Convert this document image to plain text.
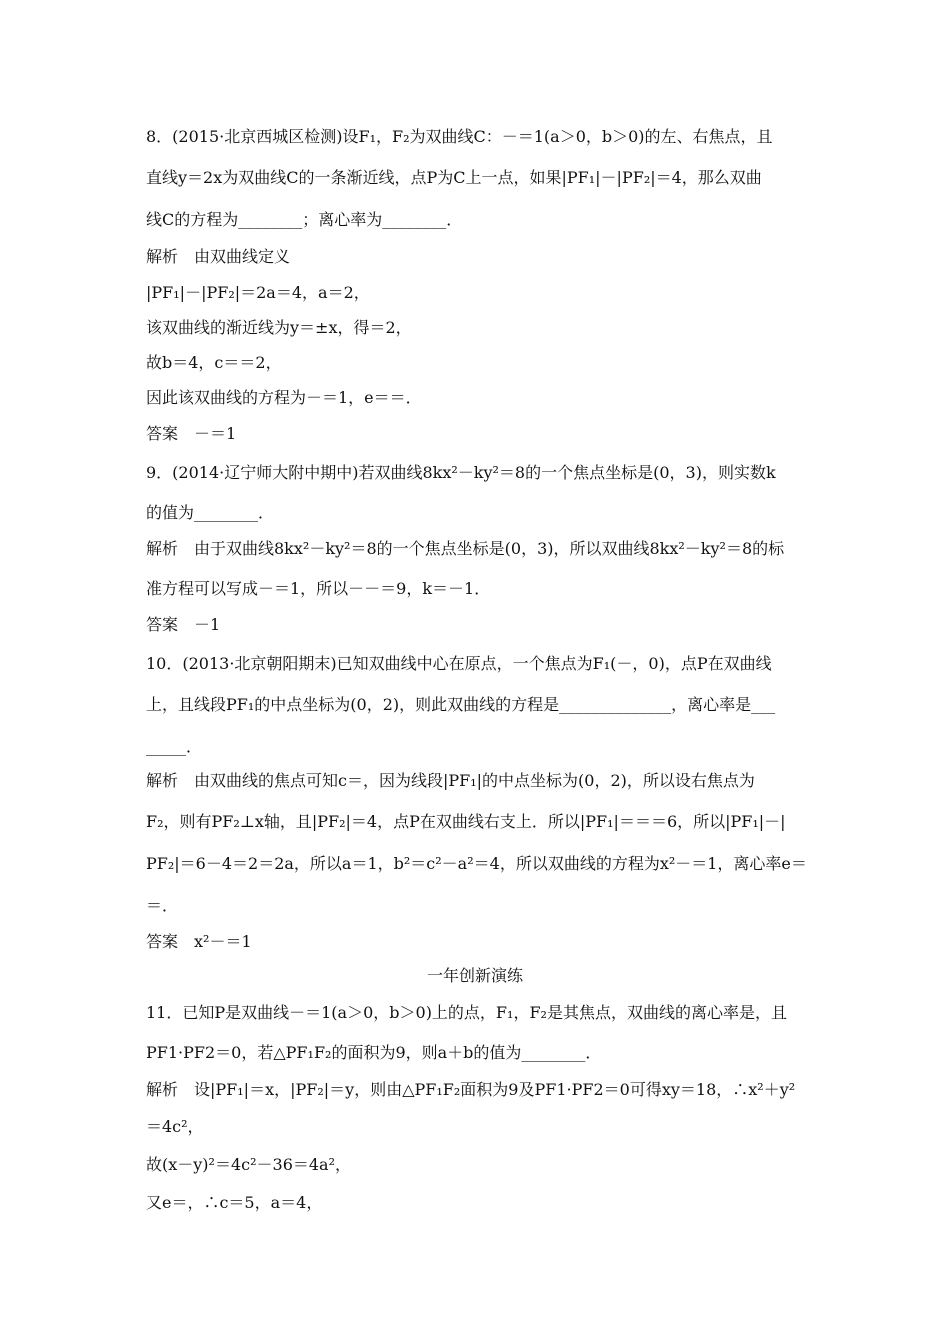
8．(2015·北京西城区检测)设F₁，F₂为双曲线C：－＝1(a＞0，b＞0)的左、右焦点，且
直线y＝2x为双曲线C的一条渐近线，点P为C上一点，如果|PF₁|－|PF₂|＝4，那么双曲
线C的方程为________；离心率为________．
解析　由双曲线定义
|PF₁|－|PF₂|＝2a＝4，a＝2，
该双曲线的渐近线为y＝±x，得＝2，
故b＝4，c＝＝2，
因此该双曲线的方程为－＝1，e＝＝．
答案　－＝1
9．(2014·辽宁师大附中期中)若双曲线8kx²－ky²＝8的一个焦点坐标是(0，3)，则实数k
的值为________．
解析　由于双曲线8kx²－ky²＝8的一个焦点坐标是(0，3)，所以双曲线8kx²－ky²＝8的标
准方程可以写成－＝1，所以－－＝9，k＝－1．
答案　－1
10．(2013·北京朝阳期末)已知双曲线中心在原点，一个焦点为F₁(－，0)，点P在双曲线
上，且线段PF₁的中点坐标为(0，2)，则此双曲线的方程是______________，离心率是___
_____．
解析　由双曲线的焦点可知c＝，因为线段|PF₁|的中点坐标为(0，2)，所以设右焦点为
F₂，则有PF₂⊥x轴，且|PF₂|＝4，点P在双曲线右支上．所以|PF₁|＝＝＝6，所以|PF₁|－|
PF₂|＝6－4＝2＝2a，所以a＝1，b²＝c²－a²＝4，所以双曲线的方程为x²－＝1，离心率e＝
＝．
答案　x²－＝1
一年创新演练
11．已知P是双曲线－＝1(a＞0，b＞0)上的点，F₁，F₂是其焦点，双曲线的离心率是，且
PF1·PF2＝0，若△PF₁F₂的面积为9，则a＋b的值为________．
解析　设|PF₁|＝x，|PF₂|＝y，则由△PF₁F₂面积为9及PF1·PF2＝0可得xy＝18，∴x²＋y²
＝4c²，
故(x－y)²＝4c²－36＝4a²，
又e＝，∴c＝5，a＝4，
